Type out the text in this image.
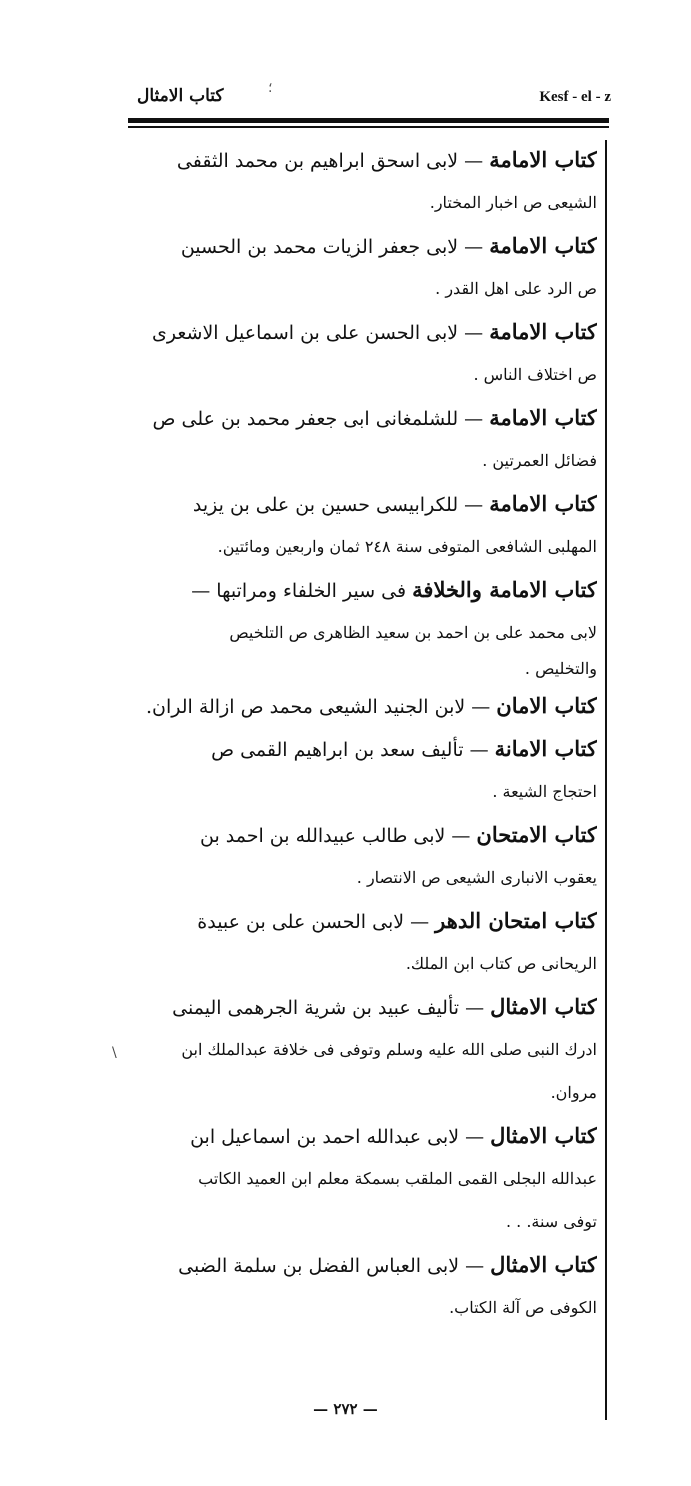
كتاب الامثال	؛
Kesf - el - z
\
كتاب الامامة — لابى اسحق ابراهيم بن محمد الثقفى
الشيعى ص اخبار المختار.
كتاب الامامة — لابى جعفر الزيات محمد بن الحسين
ص الرد على اهل القدر .
كتاب الامامة — لابى الحسن على بن اسماعيل الاشعرى
ص اختلاف الناس .
كتاب الامامة — للشلمغانى ابى جعفر محمد بن على ص
فضائل العمرتين .
كتاب الامامة — للكرابيسى حسين بن على بن يزيد
المهلبى الشافعى المتوفى سنة ٢٤٨ ثمان واربعين ومائتين.
كتاب الامامة والخلافة فى سير الخلفاء ومراتبها —
لابى محمد على بن احمد بن سعيد الظاهرى ص التلخيص
والتخليص .
كتاب الامان — لابن الجنيد الشيعى محمد ص ازالة الران.
كتاب الامانة — تأليف سعد بن ابراهيم القمى ص
احتجاج الشيعة .
كتاب الامتحان — لابى طالب عبيدالله بن احمد بن
يعقوب الانبارى الشيعى ص الانتصار .
كتاب امتحان الدهر — لابى الحسن على بن عبيدة
الريحانى ص كتاب ابن الملك.
كتاب الامثال — تأليف عبيد بن شرية الجرهمى اليمنى
ادرك النبى صلى الله عليه وسلم وتوفى فى خلافة عبدالملك ابن
مروان.
كتاب الامثال — لابى عبدالله احمد بن اسماعيل ابن
عبدالله البجلى القمى الملقب بسمكة معلم ابن العميد الكاتب
توفى سنة. . .
كتاب الامثال — لابى العباس الفضل بن سلمة الضبى
الكوفى ص آلة الكتاب.
— ٢٧٢ —
